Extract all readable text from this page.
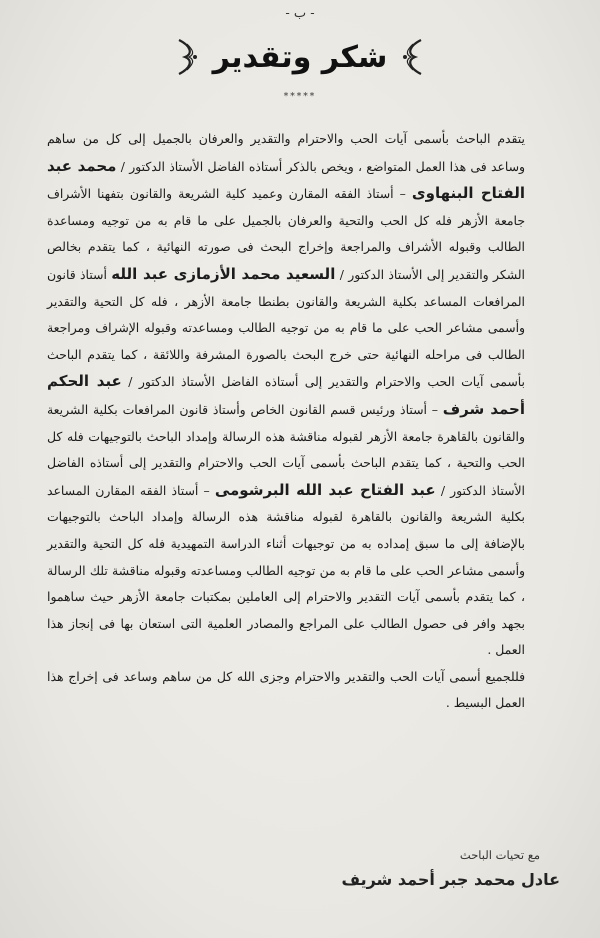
- ب -
شكر وتقدير
*****

يتقدم الباحث بأسمى آيات الحب والاحترام والتقدير والعرفان بالجميل إلى كل من ساهم وساعد فى هذا العمل المتواضع ، ويخص بالذكر أستاذه الفاضل الأستاذ الدكتور / محمد عبد الفتاح البنهاوى – أستاذ الفقه المقارن وعميد كلية الشريعة والقانون بتفهنا الأشراف جامعة الأزهر فله كل الحب والتحية والعرفان بالجميل على ما قام به من توجيه ومساعدة الطالب وقبوله الأشراف والمراجعة وإخراج البحث فى صورته النهائية ، كما يتقدم بخالص الشكر والتقدير إلى الأستاذ الدكتور / السعيد محمد الأزمازى عبد الله أستاذ قانون المرافعات المساعد بكلية الشريعة والقانون بطنطا جامعة الأزهر ، فله كل التحية والتقدير وأسمى مشاعر الحب على ما قام به من توجيه الطالب ومساعدته وقبوله الإشراف ومراجعة الطالب فى مراحله النهائية حتى خرج البحث بالصورة المشرفة واللائقة ، كما يتقدم الباحث بأسمى آيات الحب والاحترام والتقدير إلى أستاذه الفاضل الأستاذ الدكتور / عبد الحكم أحمد شرف – أستاذ ورئيس قسم القانون الخاص وأستاذ قانون المرافعات بكلية الشريعة والقانون بالقاهرة جامعة الأزهر لقبوله مناقشة هذه الرسالة وإمداد الباحث بالتوجيهات فله كل الحب والتحية ، كما يتقدم الباحث بأسمى آيات الحب والاحترام والتقدير إلى أستاذه الفاضل الأستاذ الدكتور / عبد الفتاح عبد الله البرشومى – أستاذ الفقه المقارن المساعد بكلية الشريعة والقانون بالقاهرة لقبوله مناقشة هذه الرسالة وإمداد الباحث بالتوجيهات بالإضافة إلى ما سبق إمداده به من توجيهات أثناء الدراسة التمهيدية فله كل التحية والتقدير وأسمى مشاعر الحب على ما قام به من توجيه الطالب ومساعدته وقبوله مناقشة تلك الرسالة ، كما يتقدم بأسمى آيات التقدير والاحترام إلى العاملين بمكتبات جامعة الأزهر حيث ساهموا بجهد وافر فى حصول الطالب على المراجع والمصادر العلمية التى استعان بها فى إنجاز هذا العمل .

فللجميع أسمى آيات الحب والتقدير والاحترام وجزى الله كل من ساهم وساعد فى إخراج هذا العمل البسيط .

مع تحيات الباحث
عادل محمد جبر أحمد شريف
